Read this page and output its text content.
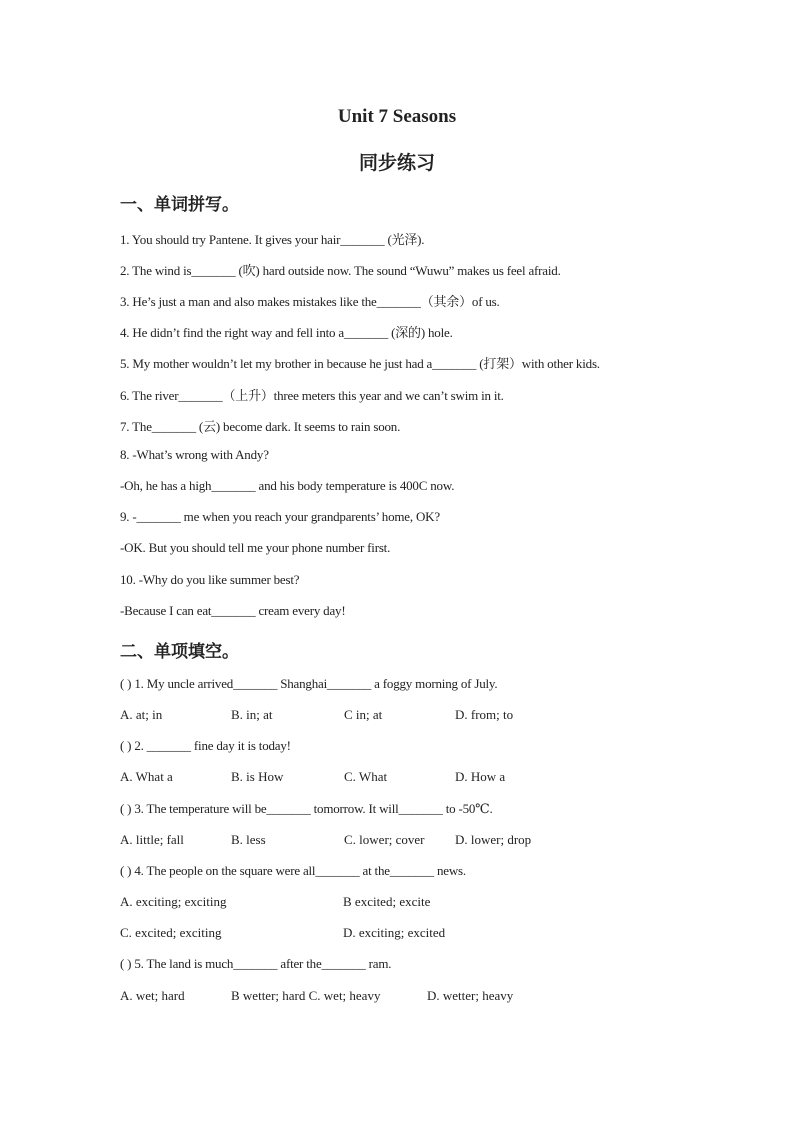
Unit 7 Seasons
同步练习
一、单词拼写。
1. You should try Pantene. It gives your hair_______ (光泽).
2. The wind is_______ (吹) hard outside now. The sound “Wuwu” makes us feel afraid.
3. He’s just a man and also makes mistakes like the_______（其余）of us.
4. He didn’t find the right way and fell into a_______ (深的) hole.
5. My mother wouldn’t let my brother in because he just had a_______ (打架）with other kids.
6. The river_______（上升）three meters this year and we can’t swim in it.
7. The_______ (云) become dark. It seems to rain soon.
8. -What’s wrong with Andy?
-Oh, he has a high_______ and his body temperature is 400C now.
9. -_______ me when you reach your grandparents’ home, OK?
-OK. But you should tell me your phone number first.
10. -Why do you like summer best?
-Because I can eat_______ cream every day!
二、单项填空。
( ) 1. My uncle arrived_______ Shanghai_______ a foggy morning of July.
A. at; in	B. in; at	C in; at	D. from; to
( ) 2. _______ fine day it is today!
A. What a	B. is How	C. What	D. How a
( ) 3. The temperature will be_______ tomorrow. It will_______ to -50℃.
A. little; fall	B. less	C. lower; cover D. lower; drop
( ) 4. The people on the square were all_______ at the_______ news.
A. exciting; exciting	B excited; excite
C. excited; exciting	D. exciting; excited
( ) 5. The land is much_______ after the_______ ram.
A. wet; hard	B wetter; hard C. wet; heavy	D. wetter; heavy
